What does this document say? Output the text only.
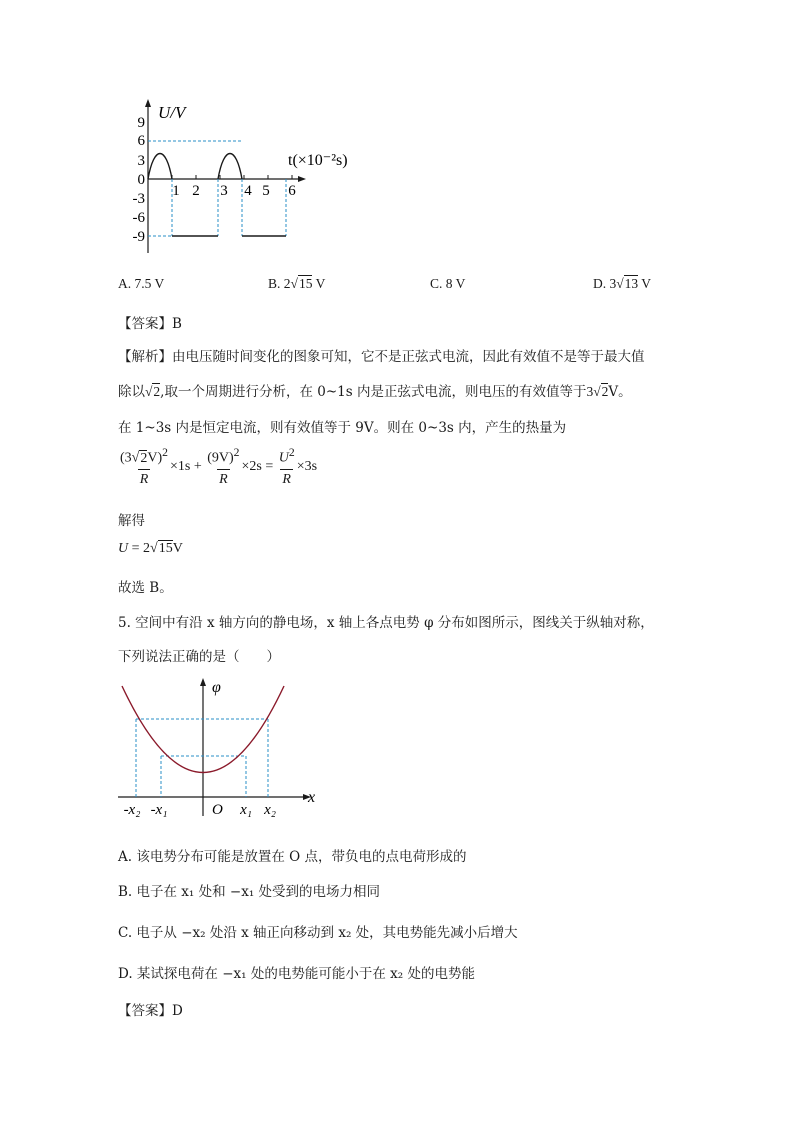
U/V
t(×10⁻²s)
9
6
3
0
-3
-6
-9
1 2 3 4 5 6
A. 7.5 V	B. 2√15 V	C. 8 V	D. 3√13 V
【答案】B
【解析】由电压随时间变化的图象可知，它不是正弦式电流，因此有效值不是等于最大值
除以√2,取一个周期进行分析，在 0~1s 内是正弦式电流，则电压的有效值等于3√2V。
在 1~3s 内是恒定电流，则有效值等于 9V。则在 0~3s 内，产生的热量为
$\frac{(3√2V)^2}{R} \times 1s + \frac{(9V)^2}{R} \times 2s = \frac{U^2}{R} \times 3s$
解得
U = 2√15V
故选 B。
5. 空间中有沿 x 轴方向的静电场，x 轴上各点电势 φ 分布如图所示，图线关于纵轴对称，
下列说法正确的是（　　）
φ
x
-x₂ -x₁	x₁ x₂
O
A. 该电势分布可能是放置在 O 点，带负电的点电荷形成的
B. 电子在 x₁ 处和 −x₁ 处受到的电场力相同
C. 电子从 −x₂ 处沿 x 轴正向移动到 x₂ 处，其电势能先减小后增大
D. 某试探电荷在 −x₁ 处的电势能可能小于在 x₂ 处的电势能
【答案】D
